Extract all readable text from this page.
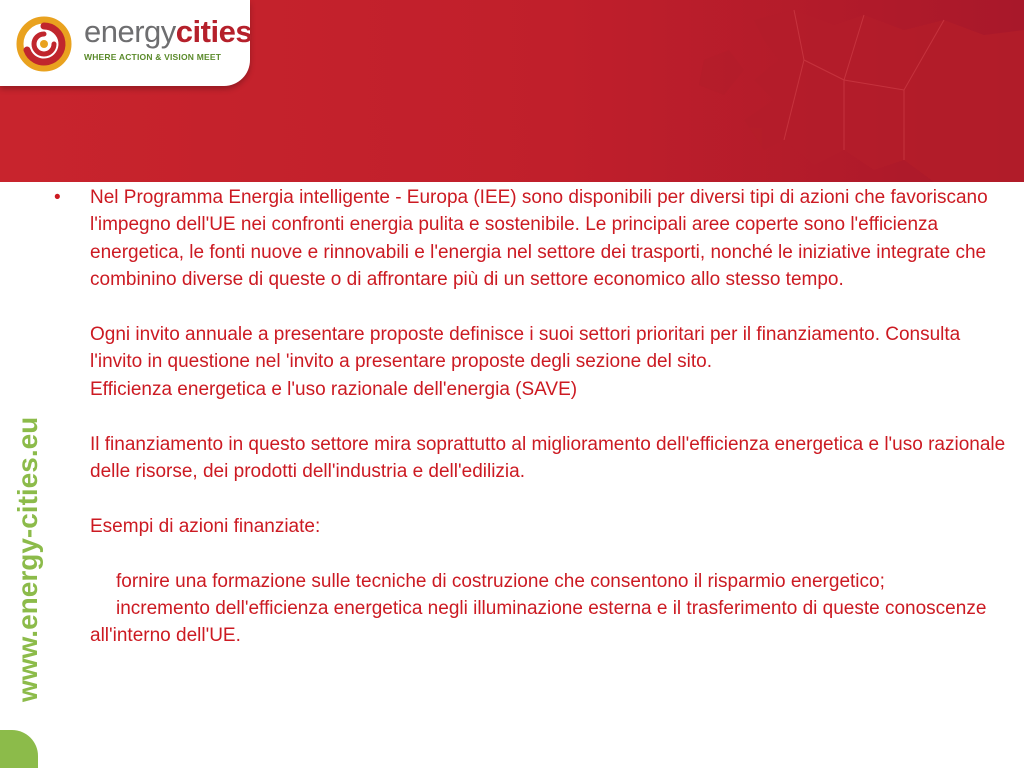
energycities
WHERE ACTION & VISION MEET
www.energy-cities.eu
•	Nel Programma Energia intelligente - Europa (IEE) sono disponibili per diversi tipi di azioni che favoriscano l'impegno dell'UE nei confronti energia pulita e sostenibile. Le principali aree coperte sono l'efficienza energetica, le fonti nuove e rinnovabili e l'energia nel settore dei trasporti, nonché le iniziative integrate che combinino diverse di queste o di affrontare più di un settore economico allo stesso tempo.

Ogni invito annuale a presentare proposte definisce i suoi settori prioritari per il finanziamento. Consulta l'invito in questione nel 'invito a presentare proposte degli sezione del sito.

Efficienza energetica e l'uso razionale dell'energia (SAVE)

Il finanziamento in questo settore mira soprattutto al miglioramento dell'efficienza energetica e l'uso razionale delle risorse, dei prodotti dell'industria e dell'edilizia.

Esempi di azioni finanziate:

fornire una formazione sulle tecniche di costruzione che consentono il risparmio energetico;

incremento dell'efficienza energetica negli illuminazione esterna e il trasferimento di queste conoscenze all'interno dell'UE.
